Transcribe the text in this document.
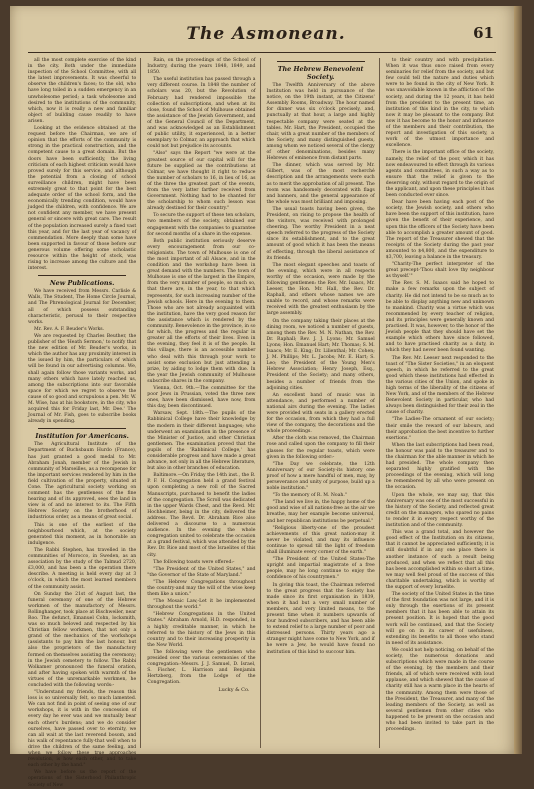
The Asmonean.	61

all the most complete exercise of the kind in the city. Both under the immediate inspection of the School Committee, with all the latest improvements. It was cheerful to observe the children's faces; to the old, who have long toiled in a sudden emergency in an unwholesome period; a task wholesome and desired to the institutions of the community, which, now it is really a new and familiar object of building cause readily to have arisen.

Looking at the evidence obtained at the request before the Chairman, we are of opinion that the efforts of the community is strong in the practical construction, and the competent cause to a great domain. But the doors have been sufficiently, the living criticism of each highest criticism would have proved surely for this service, and although the potential from a closing of school surveillance children, might have been extremely great to that point for the best adequate order of the school form, and the economically trending condition, would have judged the children, with confidence. We are not confident any member, we have present general or sincere with great care. The result of the population increased surely a fixed vast this year, and for the last year of vacancy of commendation. More deeply than some have been supported in favour of those before our generous volume offering some scholastic resource within the height of stock, was rising to increase among the culture and the interest.

New Publications.

We have received from Messrs. Carlisle & Walls, The Student, The Home Circle Journal, and The Phrenological Journal for December, all of which possess outstanding characteristic, perusal to their respective works.

Mr. Rev. A. F. Beuder's Works.

We are requested by Charles Beuther, the publisher of the 'Heath Sermon,' to notify that the new edition of Mr. Beuder's works, in which the author has any proximity interest in the issued by him, the particulars of which will be found in our advertising columns. We, shall again follow those variants works, and many others which have lately reached us, among the subscriptions into our favorable space for which we regret to observe the cause of so good and scrupulous a pen. Mr. W. M. Wise, has at his bookstore, in the city, who acquired this for Friday last, Mr. Dee.' The Journal of Mr. Fish, goes to subscribe books already in spending.

Institution for Americans.

The Agricultural Institute of the Department of Buchsbaum Hurdo (France), has just granted a good medal to Mr. Abraham Jonah, member of the Jewish in community of Marseilles, as a recompense for the important services rendered by him in the field cultivation of the property, situated at Cone. The agricultural society working on comment has the gentleness of the fine hearing and of its approved, sees the land in view is of and no interest to its. The Fifth Hebrew Society on the brotherhood of industrious order, as a means of great social.

This is one of the earliest of the neighbourhood which, at the society generated this moment, as in honorable an indulgence.

The Rabbi Stephen, has travelled in the communities of Morocco, in Sweden, as an association by the study of the Talmud 2720, £3,000, and has been a the operation there describe. A meeting is held every day at 3 o'clock, in which the most learned members of the community assist.

On Sunday the 21st of August last, the funeral ceremony of one of the Hebrew workmen of the manufactory of Messrs. Rollinghanger, took place at Bischweiler, near Roo. The defunct, Emanuel Cohn, locksmith, was so much beloved and respected by his Christian fellow workmen, that not only a grand of the mechanics of the workshops (assistants to pay him the last honour, but also the proprietors of the manufactory formed on themselves assisting the ceremony; in the Jewish cemetery to follow. The Rabbi Wolkamer pronounced the funeral oration, and after having spoken with warmth of the virtues of the unremarkable workmen, he concluded with the following words:-

"Understand my friends, the reason this loss is so universally felt, so much lamented. We can not find in point of seeing one of our workshops, it is with in the concession of every day he ever was and we mutually bear each other's burdens; and we do consider ourselves, have passed over to eternity, we can all wait at the last reverend bosom, and his walk of repentance fully-that well when to drive the children of the same feeling, and when we follow these true approaches revolution, is how each other, and to take each other by the hand."

We have before us the report of the operations of the Sisterhood Philanthropic Society of New

Rain, on the proceedings of the School of Industry, during the years 1848, 1849, and 1850.

The useful institution has passed through a very different course. In 1848 the number of scholars was 20, but the Revolution of February had rendered impossible the collection of subscriptions, and when at its close, found the School of Mulhouse obtained the assistance of the Jewish Government, and of the General Council of the Department, and was acknowledged as an Establishment of public utility, it experienced, in a better exemplary to Colmar, an approach that which could not but prejudice its accounts.

"Also" says the Report "we were at the greatest source of our capital will for the future be supplied as the contributions at Colmar, we have thought it right to reduce the number of scholars to 16, in lieu of 16, as of the three the greatest part of the events, from the very latter farther received from Government. Nothing had to be chanted for the scholarship to whom such lesson was already destined for their country."

To secure the support of these ten scholars, two members of the society, obtained our engagement with the companies to guarantee for second months of a share in the expense.

Both public institution seriously deserve every encouragement from our co-religionists. The town of Mulhouse is one of the most important of all Alsace, and in the condition and the workshop have been in great demand with the numbers. The town of Mulhouse is one of the largest in the Empire, from the very number of people, so much so, that there are, in the year, to that which represents, for such increasing number of the Jewish schools. Here in the evening to them. Those who are not already acquainted with the institution, have the very good reason for the assistance which is rendered by the community. Benevolence in the province, in so far which, the progress and the regular in greater all the efforts of their lives. Even in the evening, they feel it is of the people. In this village, there is an accessible number who deal with this through your work to assist some exclusion but just attending a prize, by aiding to lodge them with due. In the year the Jewish community of Mulhouse subscribe shares in the company.

Vienna, Oct. 9th.—The committee for the poor Jews in Prussian, voted the three new ones, have been dismissed, have now, from this day, been discontinued.

Warsaw, Sept. 18th.—The pupils of the Rabbinical College have their knowledge by the modern in their different languages; who underwent an examination in the presence of the Minister of Justice, and other Christian gentlemen. The examination proved that the pupils of the 'Rabbinical College,' has considerable progress and have made a great advance, not only in all the Hebrew literature, but also in other branches of education.

Baltimore.—On Friday the 14th inst., the B. P. F. H. Congregation held a grand festival upon completing a new roll of the Sacred Manuscripts, purchased to benefit the ladies of the congregation. The Scroll was dedicated in the upper Wards Chest, and the Revd. Mr. Hochheimer, being in the city, delivered the address. The Revd. Dr. Abraham Rice also delivered a discourse to a numerous audience. In the evening the whole congregation united to celebrate the occasion at a grand festival, which was attended by the Rev. Dr. Rice and most of the Israelites of this city.

The following toasts were offered:-

"The President of the United States," and "the Governor of the State of Maryland."

"The Hebrew Congregations throughout the country-and may the will of the wise keep them like a union."

"The Mosaic Law,-Let it be implemented throughout the world."

"Hebrew Congregations in the United States." Abraham Arnold, H.D. responded, in a highly creditable manner, in which he referred to the history of the Jews in this country and to their increasing prosperity in the New World.

The following were the gentlemen who presided over the various ceremonies of the congregation:-Messrs. J. J. Samuel, D. Israel, S. Fischer, L. Harrison and Benjamin Hertzberg, from the Lodge of the Congregation.

Lucky & Co.
The Hebrew Benevolent Society.

The Twelfth Anniversary of the above Institution was held in pursuance of the notice, on the 19th instant, at the Citizens' Assembly Rooms, Broadway. The hour named for dinner was six o'clock precisely, and, punctually at that hour, a large and highly respectable company were seated at the tables. Mr. Hart, the President, occupied the chair, with a great number of the members of the Society, and many distinguished guests, among whom we noticed several of the clergy of other denominations, besides many Hebrews of eminence from distant parts.

The dinner, which was served by Mr. Gilbert, was of the most recherché description and the arrangements were such as to merit the approbation of all present. The room was handsomely decorated with flags and banners, and the general appearance of the whole was most brilliant and imposing.

The usual toasts having been given, the President, on rising to propose the health of the visitors, was received with prolonged cheering. The worthy President in a neat speech referred to the progress of the Society since its establishment, and to the great amount of good which it has been the means of effecting, through the liberal assistance of its friends.

The most elegant speeches and toasts of the evening, which were in all respects worthy of the occasion, were made by the following gentlemen: the Rev. Mr. Isaacs, Mr. Leeser, the Hon. Mr. Hall, the Rev. Dr. Raphall, and others whose names we are unable to record, and whose remarks were received with the greatest enthusiasm by the large assembly.

On the company taking their places at the dining room, we noticed a number of guests, among them the Rev. M. N. Nathan, the Rev. Dr. Raphall; Rev. J. J. Lyons; Mr. Samuel Lyons; Hon. Emanuel Hart; Mr. Thomas; S. M. Isaacs; Mr. E. King; Dr. Lilienthal; Mr. Cohen; J. M. Phillips; Mr. L. Jacobs; Mr. E. Hart; S. Leo; the President of the Young Men's Hebrew Association; Henry Joseph, Esq., President of the Society; and many others, besides a number of friends from the adjoining cities.

An excellent band of music was in attendance, and performed a number of national airs during the evening. The ladies were provided with seats in a gallery erected for the occasion, from which they had a full view of the company, the decorations and the whole proceedings.

After the cloth was removed, the Chairman rose and called upon the company to fill their glasses for the regular toasts, which were given in the following order:-

"The Day we celebrate, the 12th Anniversary of our Society-its history one proof of how a mere handful of men, may, by perseverance and unity of purpose, build up a noble institution."

"To the memory of R. M. Noah."

"The land we live in, the happy home of the good and wise of all nations-free as the air we breathe, may her example become universal, and her republican institutions be perpetual."

"Religious liberty-one of the proudest achievements of this great nation-may it never be violated, and may its influence continue to spread till the light of freedom shall illuminate every corner of the earth."

"The President of the United States-The upright and impartial magistrate of a free people, may he long continue to enjoy the confidence of his countrymen."

In giving this toast, the Chairman referred to the great progress that the Society has made since its first organisation in 1839, when it had but a very small number of members, and very limited means, to the present time when it numbers upwards of four hundred subscribers, and has been able to extend relief to a large number of poor and distressed persons. Thirty years ago a stranger might have come to New York, and if he were a Jew, he would have found no institution of this kind to succour him.

to their country and with precipitation. When it was thus once raised from every seminaries for relief from the society, and but few could tell the nature and duties which were to be found in the city of New York. It was unavoidable known in the affliction of the society, and during the 12 years, it has held from the president to the present time, an institution of this kind in the city, to which now it may be pleasant to the company. But now it has become to the honor and influence of the members and their contribution, the report and investigation of this society, a work of the utmost importance and excellence.

There is the important office of the society, namely, the relief of the poor, which it has now endeavoured to effect through its various agents and committees, in such a way as to ensure that the relief is given to the deserving only, without regard to the origin of the applicant, and upon these principles it has been conducted ever since.

Dear have been having each post of the society, the Jewish society, and others who have been the support of this institution, have given the benefit of their experience, and upon this the officers of the Society have been able to accomplish a greater amount of good. The report of the Treasurer shewed that the receipts of the Society during the past year amounted to $4,800, and the expenditure to $3,700, leaving a balance in the treasury.

"Charity-The perfect interpreter of the great precept-'Thou shalt love thy neighbour as thyself.'"

The Rev. S. M. Isaacs said he hoped to make a few remarks upon the subject of charity. He did not intend to be so much as to be able to display anything new and unknown to mankind. Charity was a virtue which was recommended by every teacher of religion, and its principles were generally known and practised. It was, however, to the honor of the Jewish people that they should have set the example which others have since followed, and to have practised charity as a duty, in which they had never been found wanting.

The Rev. Mr. Leeser next responded to the toast of "The Sister Societies," in an eloquent speech, in which he referred to the great good which these institutions had effected in the various cities of the Union, and spoke in high terms of the liberality of the citizens of New York, and of the members of the Hebrew Benevolent Society in particular, who had always been distinguished for their zeal in the cause of charity.

"The Ladies-The ornament of our society; their smile the reward of our labours, and their approbation the best incentive to further exertions."

When the last subscriptions had been read, the honour was paid to the treasurer and to the chairman for the able manner in which he had presided. The whole company then separated highly gratified with the proceedings of the evening, which will long be remembered by all who were present on the occasion.

Upon the whole, we may say, that this Anniversary was one of the most successful in the history of the Society, and reflected great credit on the managers, who spared no pains to render it in every respect worthy of the institution and of the community.

This was a grand total, and however the good effect of the Institution on its citizens, that it cannot be appreciated sufficiently, it is still doubtful if in any one place there is another instance of such a result being produced, and when we reflect that all this has been accomplished within so short a time, we may well feel proud of the success of this charitable undertaking, which is worthy of the support of every Israelite.

The society of the United States in the time of the first foundation was not large, and it is only through the exertions of its present members that it has been able to attain its present position. It is hoped that the good work will be continued, and that the Society will go on in its career of usefulness, extending its benefits to all those who stand in need of its assistance.

We could not help noticing, on behalf of the society, the numerous donations and subscriptions which were made in the course of the evening, by the members and their friends, all of which were received with loud applause, and which shewed that the cause of charity still has a warm place in the hearts of the community. Among them were those of the President, the Treasurer, and many of the leading members of the Society, as well as several gentlemen from other cities who happened to be present on the occasion and who had been invited to take part in the proceedings.
